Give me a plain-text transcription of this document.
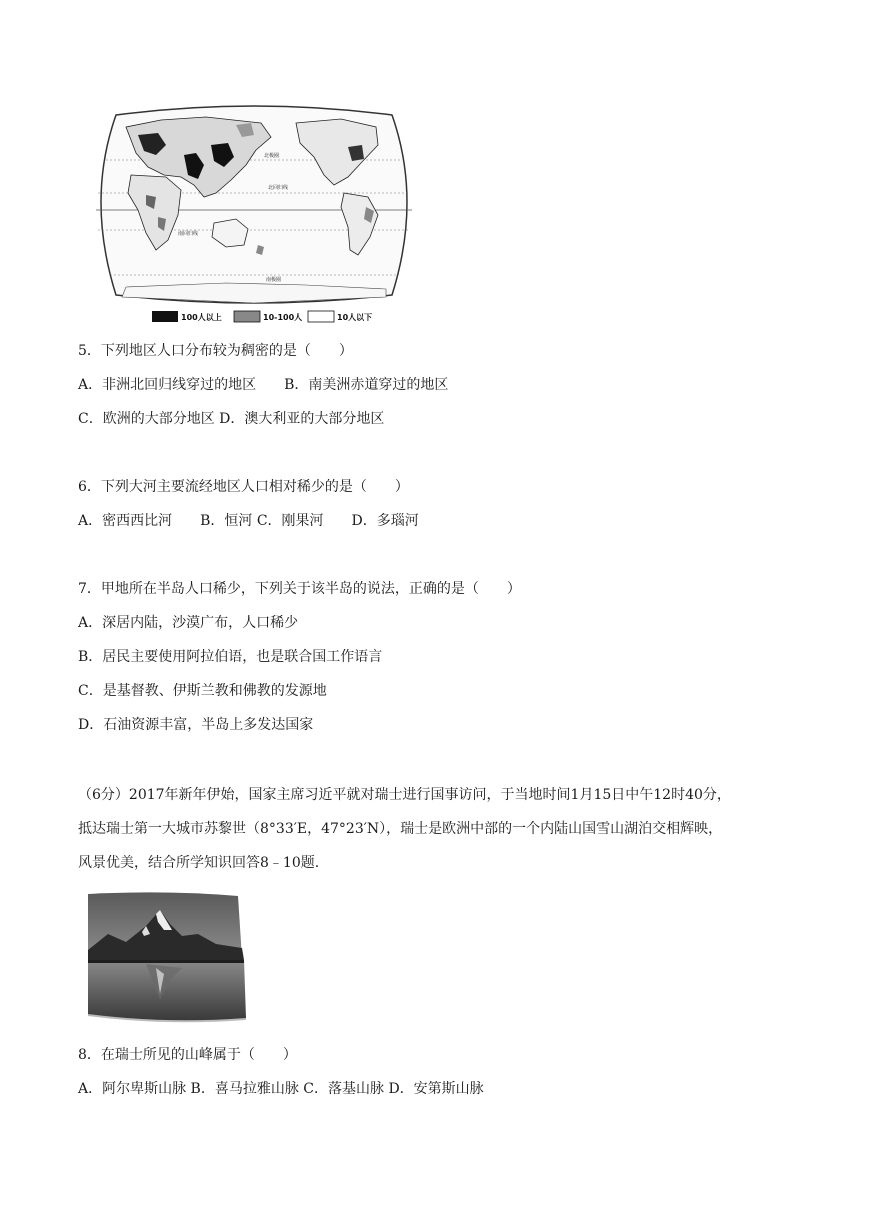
北极圈
北回归线
南回归线
南极圈
100人以上	10-100人	10人以下
5．下列地区人口分布较为稠密的是（　　）
A．非洲北回归线穿过的地区　　B．南美洲赤道穿过的地区
C．欧洲的大部分地区 D．澳大利亚的大部分地区
6．下列大河主要流经地区人口相对稀少的是（　　）
A．密西西比河　　B．恒河 C．刚果河　　D．多瑙河
7．甲地所在半岛人口稀少，下列关于该半岛的说法，正确的是（　　）
A．深居内陆，沙漠广布，人口稀少
B．居民主要使用阿拉伯语，也是联合国工作语言
C．是基督教、伊斯兰教和佛教的发源地
D．石油资源丰富，半岛上多发达国家
（6分）2017年新年伊始，国家主席习近平就对瑞士进行国事访问，于当地时间1月15日中午12时40分，
抵达瑞士第一大城市苏黎世（8°33′E，47°23′N），瑞士是欧洲中部的一个内陆山国雪山湖泊交相辉映，
风景优美，结合所学知识回答8﹣10题.
8．在瑞士所见的山峰属于（　　）
A．阿尔卑斯山脉 B．喜马拉雅山脉 C．落基山脉 D．安第斯山脉
